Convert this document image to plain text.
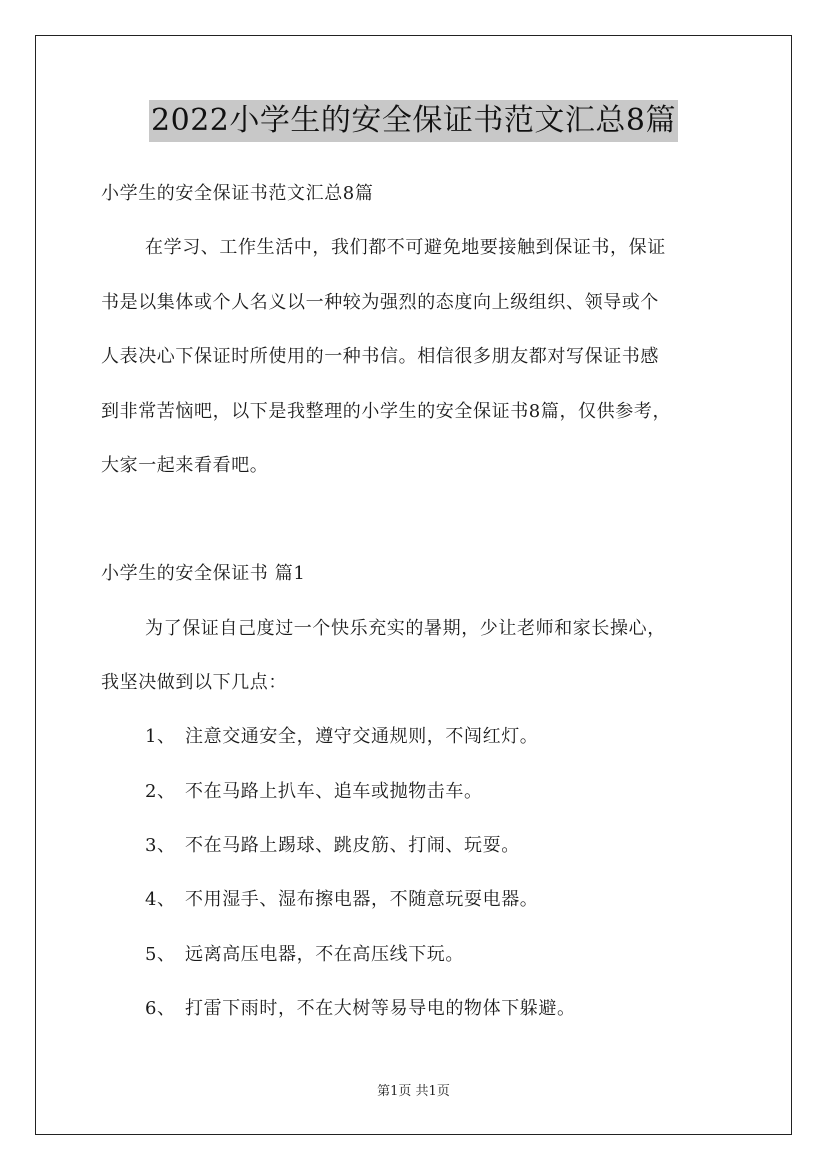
2022小学生的安全保证书范文汇总8篇
小学生的安全保证书范文汇总8篇
在学习、工作生活中，我们都不可避免地要接触到保证书，保证
书是以集体或个人名义以一种较为强烈的态度向上级组织、领导或个
人表决心下保证时所使用的一种书信。相信很多朋友都对写保证书感
到非常苦恼吧，以下是我整理的小学生的安全保证书8篇，仅供参考，
大家一起来看看吧。
小学生的安全保证书 篇1
为了保证自己度过一个快乐充实的暑期，少让老师和家长操心，
我坚决做到以下几点：
1、 注意交通安全，遵守交通规则，不闯红灯。
2、 不在马路上扒车、追车或抛物击车。
3、 不在马路上踢球、跳皮筋、打闹、玩耍。
4、 不用湿手、湿布擦电器，不随意玩耍电器。
5、 远离高压电器，不在高压线下玩。
6、 打雷下雨时，不在大树等易导电的物体下躲避。
第1页 共1页
